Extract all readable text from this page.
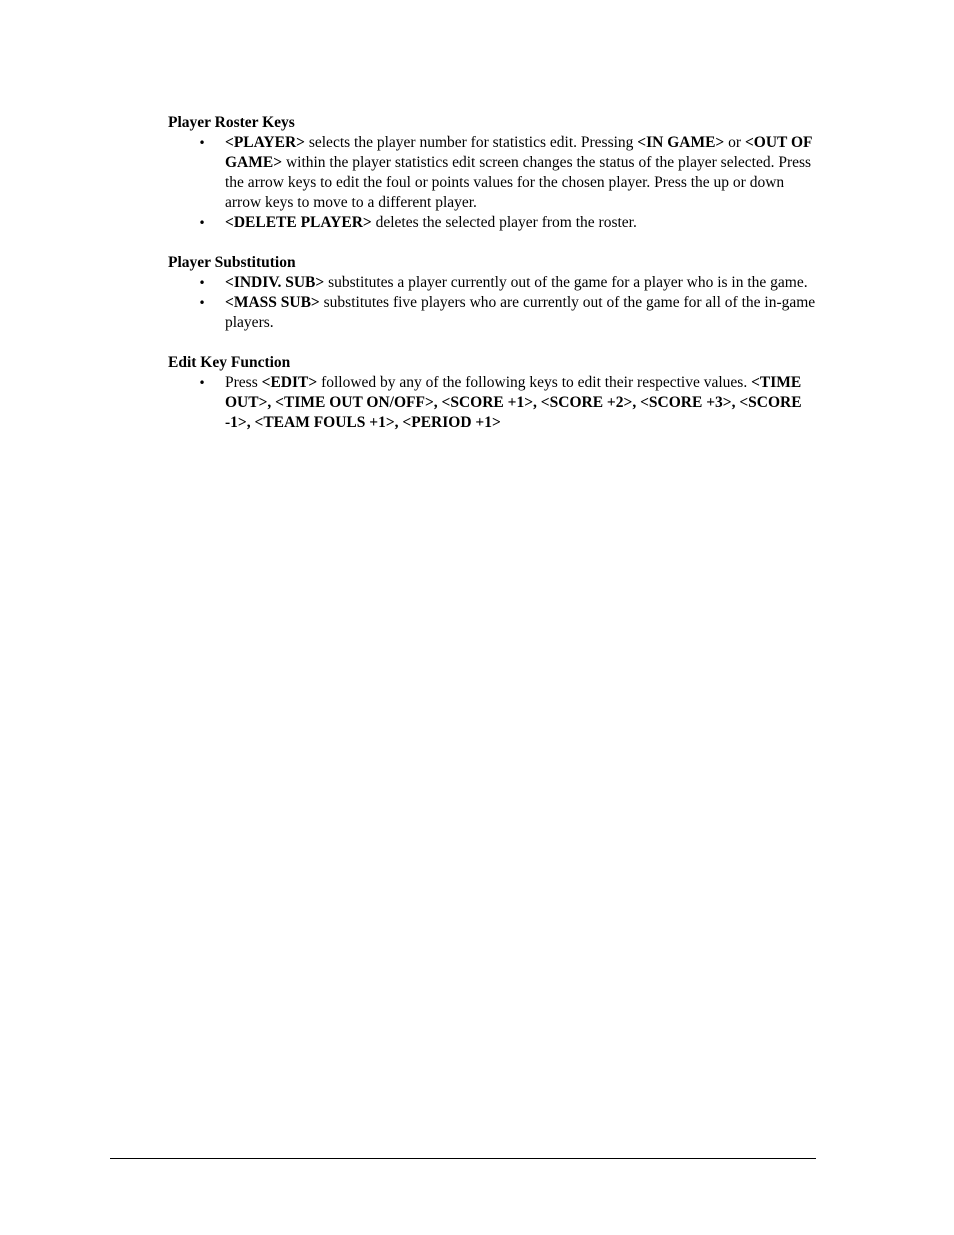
Player Roster Keys

• <PLAYER> selects the player number for statistics edit. Pressing <IN GAME> or <OUT OF GAME> within the player statistics edit screen changes the status of the player selected. Press the arrow keys to edit the foul or points values for the chosen player. Press the up or down arrow keys to move to a different player.
• <DELETE PLAYER> deletes the selected player from the roster.

Player Substitution

• <INDIV. SUB> substitutes a player currently out of the game for a player who is in the game.
• <MASS SUB> substitutes five players who are currently out of the game for all of the in-game players.

Edit Key Function

• Press <EDIT> followed by any of the following keys to edit their respective values. <TIME OUT>, <TIME OUT ON/OFF>, <SCORE +1>, <SCORE +2>, <SCORE +3>, <SCORE -1>, <TEAM FOULS +1>, <PERIOD +1>
